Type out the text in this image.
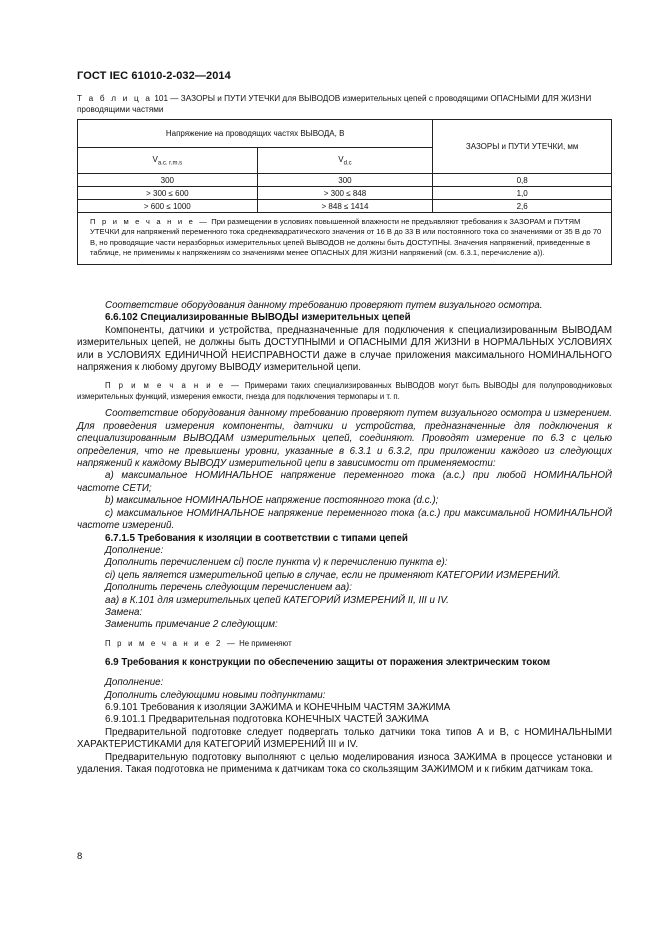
ГОСТ IEC 61010-2-032—2014
Т а б л и ц а 101 — ЗАЗОРЫ и ПУТИ УТЕЧКИ для ВЫВОДОВ измерительных цепей с проводящими ОПАСНЫМИ ДЛЯ ЖИЗНИ проводящими частями
Напряжение на проводящих частях ВЫВОДА, В		ЗАЗОРЫ и ПУТИ УТЕЧКИ, мм
$V_{a.c. r.m.s}$	$V_{d.c}$
300	300	0,8
> 300 ≤ 600	> 300 ≤ 848	1,0
> 600 ≤ 1000	> 848 ≤ 1414	2,6
П р и м е ч а н и е — При размещении в условиях повышенной влажности не предъявляют требования к ЗАЗОРАМ и ПУТЯМ УТЕЧКИ для напряжений переменного тока среднеквадратического значения от 16 В до 33 В или постоянного тока со значениями от 35 В до 70 В, но проводящие части неразборных измерительных цепей ВЫВОДОВ не должны быть ДОСТУПНЫ. Значения напряжений, приведенные в таблице, не применимы к напряжениям со значениями менее ОПАСНЫХ ДЛЯ ЖИЗНИ напряжений (см. 6.3.1, перечисление а)).		

Соответствие оборудования данному требованию проверяют путем визуального осмотра.

6.6.102 Специализированные ВЫВОДЫ измерительных цепей

Компоненты, датчики и устройства, предназначенные для подключения к специализированным ВЫВОДАМ измерительных цепей, не должны быть ДОСТУПНЫМИ и ОПАСНЫМИ ДЛЯ ЖИЗНИ в НОРМАЛЬНЫХ УСЛОВИЯХ или в УСЛОВИЯХ ЕДИНИЧНОЙ НЕИСПРАВНОСТИ даже в случае приложения максимального НОМИНАЛЬНОГО напряжения к любому другому ВЫВОДУ измерительной цепи.

П р и м е ч а н и е — Примерами таких специализированных ВЫВОДОВ могут быть ВЫВОДЫ для полупроводниковых измерительных функций, измерения емкости, гнезда для подключения термопары и т. п.

Соответствие оборудования данному требованию проверяют путем визуального осмотра и измерением. Для проведения измерения компоненты, датчики и устройства, предназначенные для подключения к специализированным ВЫВОДАМ измерительных цепей, соединяют. Проводят измерение по 6.3 с целью определения, что не превышены уровни, указанные в 6.3.1 и 6.3.2, при приложении каждого из следующих напряжений к каждому ВЫВОДУ измерительной цепи в зависимости от применяемости:

а) максимальное НОМИНАЛЬНОЕ напряжение переменного тока (a.c.) при любой НОМИНАЛЬНОЙ частоте СЕТИ;

b) максимальное НОМИНАЛЬНОЕ напряжение постоянного тока (d.c.);

с) максимальное НОМИНАЛЬНОЕ напряжение переменного тока (a.c.) при максимальной НОМИНАЛЬНОЙ частоте измерений.

6.7.1.5 Требования к изоляции в соответствии с типами цепей

Дополнение:

Дополнить перечислением сi) после пункта v) к перечислению пункта е):

сi) цепь является измерительной цепью в случае, если не применяют КАТЕГОРИИ ИЗМЕРЕНИЙ.

Дополнить перечень следующим перечислением аа):

аа) в К.101 для измерительных цепей КАТЕГОРИЙ ИЗМЕРЕНИЙ II, III и IV.

Замена:

Заменить примечание 2 следующим:

П р и м е ч а н и е 2 — Не применяют

6.9 Требования к конструкции по обеспечению защиты от поражения электрическим током

Дополнение:

Дополнить следующими новыми подпунктами:

6.9.101 Требования к изоляции ЗАЖИМА и КОНЕЧНЫМ ЧАСТЯМ ЗАЖИМА

6.9.101.1 Предварительная подготовка КОНЕЧНЫХ ЧАСТЕЙ ЗАЖИМА

Предварительной подготовке следует подвергать только датчики тока типов А и В, с НОМИНАЛЬНЫМИ ХАРАКТЕРИСТИКАМИ для КАТЕГОРИЙ ИЗМЕРЕНИЙ III и IV.

Предварительную подготовку выполняют с целью моделирования износа ЗАЖИМА в процессе установки и удаления. Такая подготовка не применима к датчикам тока со скользящим ЗАЖИМОМ и к гибким датчикам тока.

8
